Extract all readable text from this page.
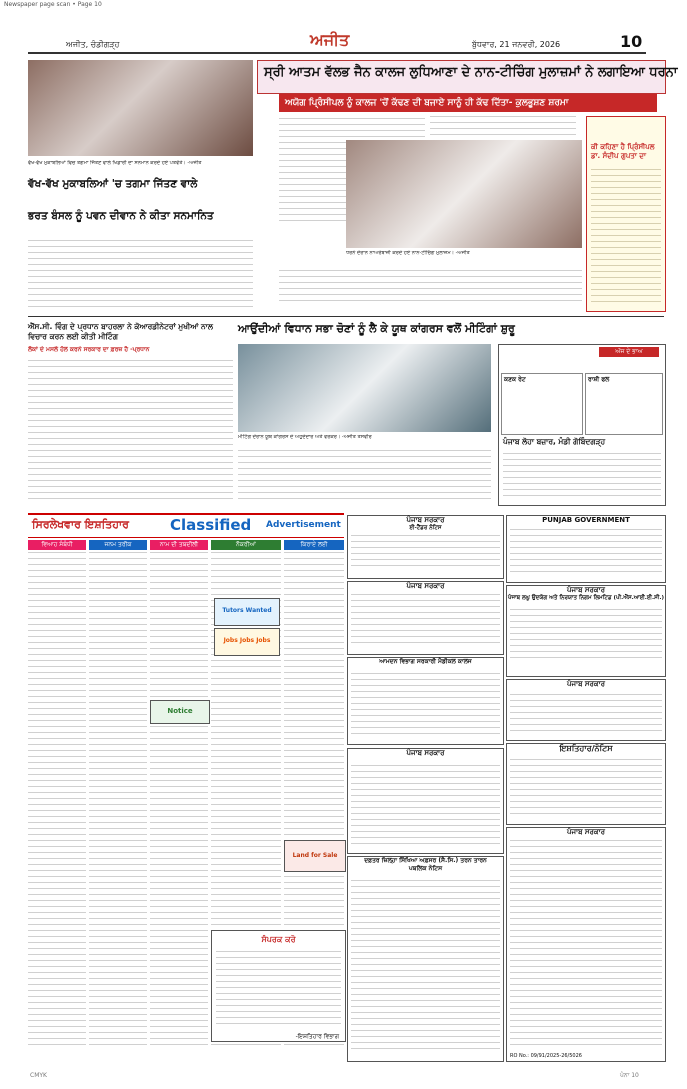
Newspaper page scan • Page 10
ਅਜੀਤ, ਚੰਡੀਗੜ੍ਹ	ਅਜੀਤ	ਬੁੱਧਵਾਰ, 21 ਜਨਵਰੀ, 2026	10
ਵੱਖ-ਵੱਖ ਮੁਕਾਬਲਿਆਂ ਵਿਚ ਤਗਮਾ ਜਿੱਤਣ ਵਾਲੇ ਖਿਡਾਰੀ ਦਾ ਸਨਮਾਨ ਕਰਦੇ ਹੋਏ ਪਤਵੰਤੇ। -ਅਜੀਤ
ਵੱਖ-ਵੱਖ ਮੁਕਾਬਲਿਆਂ 'ਚ ਤਗਮਾ ਜਿੱਤਣ ਵਾਲੇ
ਭਰਤ ਬੰਸਲ ਨੂੰ ਪਵਨ ਦੀਵਾਨ ਨੇ ਕੀਤਾ ਸਨਮਾਨਿਤ
ਸ੍ਰੀ ਆਤਮ ਵੱਲਭ ਜੈਨ ਕਾਲਜ ਲੁਧਿਆਣਾ ਦੇ ਨਾਨ-ਟੀਚਿੰਗ ਮੁਲਾਜ਼ਮਾਂ ਨੇ ਲਗਾਇਆ ਧਰਨਾ
ਅਯੋਗ ਪ੍ਰਿੰਸੀਪਲ ਨੂੰ ਕਾਲਜ 'ਚੋਂ ਕੱਢਣ ਦੀ ਬਜਾਏ ਸਾਨੂੰ ਹੀ ਕੱਢ ਦਿੱਤਾ- ਕੁਲਭੂਸ਼ਣ ਸ਼ਰਮਾ
ਧਰਨੇ ਦੌਰਾਨ ਨਾਅਰੇਬਾਜ਼ੀ ਕਰਦੇ ਹੋਏ ਨਾਨ-ਟੀਚਿੰਗ ਮੁਲਾਜ਼ਮ। -ਅਜੀਤ
ਕੀ ਕਹਿਣਾ ਹੈ ਪ੍ਰਿੰਸੀਪਲ ਡਾ. ਸੰਦੀਪ ਗੁਪਤਾ ਦਾ
ਐੱਸ.ਸੀ. ਵਿੰਗ ਦੇ ਪ੍ਰਧਾਨ ਬਾਹਰਲਾ ਨੇ ਕੋਆਰਡੀਨੇਟਰਾਂ ਮੁਖੀਆਂ ਨਾਲ ਵਿਚਾਰ ਕਰਨ ਲਈ ਕੀਤੀ ਮੀਟਿੰਗ
ਲੋਕਾਂ ਦੇ ਮਸਲੇ ਹੱਲ ਕਰਨੇ ਸਰਕਾਰ ਦਾ ਫ਼ਰਜ਼ ਹੈ -ਪ੍ਰਧਾਨ
ਆਉਂਦੀਆਂ ਵਿਧਾਨ ਸਭਾ ਚੋਣਾਂ ਨੂੰ ਲੈ ਕੇ ਯੂਥ ਕਾਂਗਰਸ ਵਲੋਂ ਮੀਟਿੰਗਾਂ ਸ਼ੁਰੂ
ਮੀਟਿੰਗ ਦੌਰਾਨ ਯੂਥ ਕਾਂਗਰਸ ਦੇ ਅਹੁਦੇਦਾਰ ਅਤੇ ਵਰਕਰ। -ਅਜੀਤ ਤਸਵੀਰ
ਅੱਜ ਦੇ ਭਾਅ
ਕਣਕ ਰੇਟ	ਰਾਸ਼ੀ ਫਲ
ਪੰਜਾਬ ਲੋਹਾ ਬਜ਼ਾਰ, ਮੰਡੀ ਗੋਬਿੰਦਗੜ੍ਹ
ਸਿਰਲੇਖਵਾਰ ਇਸ਼ਤਿਹਾਰ	Classified Advertisement
ਵਿਆਹ ਸੰਬੰਧੀ	ਜਨਮ ਤਰੀਕ	ਨਾਮ ਦੀ ਤਬਦੀਲੀ	ਨੌਕਰੀਆਂ	ਕਿਰਾਏ ਲਈ
Tutors Wanted
Jobs Jobs Jobs
Notice
Land for Sale
ਸੰਪਰਕ ਕਰੋ
-ਇਸ਼ਤਿਹਾਰ ਵਿਭਾਗ
ਪੰਜਾਬ ਸਰਕਾਰ
ਈ-ਟੈਂਡਰ ਨੋਟਿਸ
ਪੰਜਾਬ ਸਰਕਾਰ
ਆਮਦਨ ਵਿਭਾਗ ਸਰਕਾਰੀ ਮੈਡੀਕਲ ਕਾਲਜ
ਪੰਜਾਬ ਸਰਕਾਰ
ਦਫ਼ਤਰ ਜ਼ਿਲ੍ਹਾ ਸਿੱਖਿਆ ਅਫ਼ਸਰ (ਸੈ.ਸਿ.) ਤਰਨ ਤਾਰਨ
ਪਬਲਿਕ ਨੋਟਿਸ
PUNJAB GOVERNMENT
ਪੰਜਾਬ ਸਰਕਾਰ
ਪੰਜਾਬ ਲਘੂ ਉਦਯੋਗ ਅਤੇ ਨਿਰਯਾਤ ਨਿਗਮ ਲਿਮਟਿਡ (ਪੀ.ਐੱਸ.ਆਈ.ਈ.ਸੀ.)
ਪੰਜਾਬ ਸਰਕਾਰ
ਇਸ਼ਤਿਹਾਰ/ਨੋਟਿਸ
ਪੰਜਾਬ ਸਰਕਾਰ
RO No.: 09/91/2025-26/5026
CMYK	ਪੰਨਾ 10
